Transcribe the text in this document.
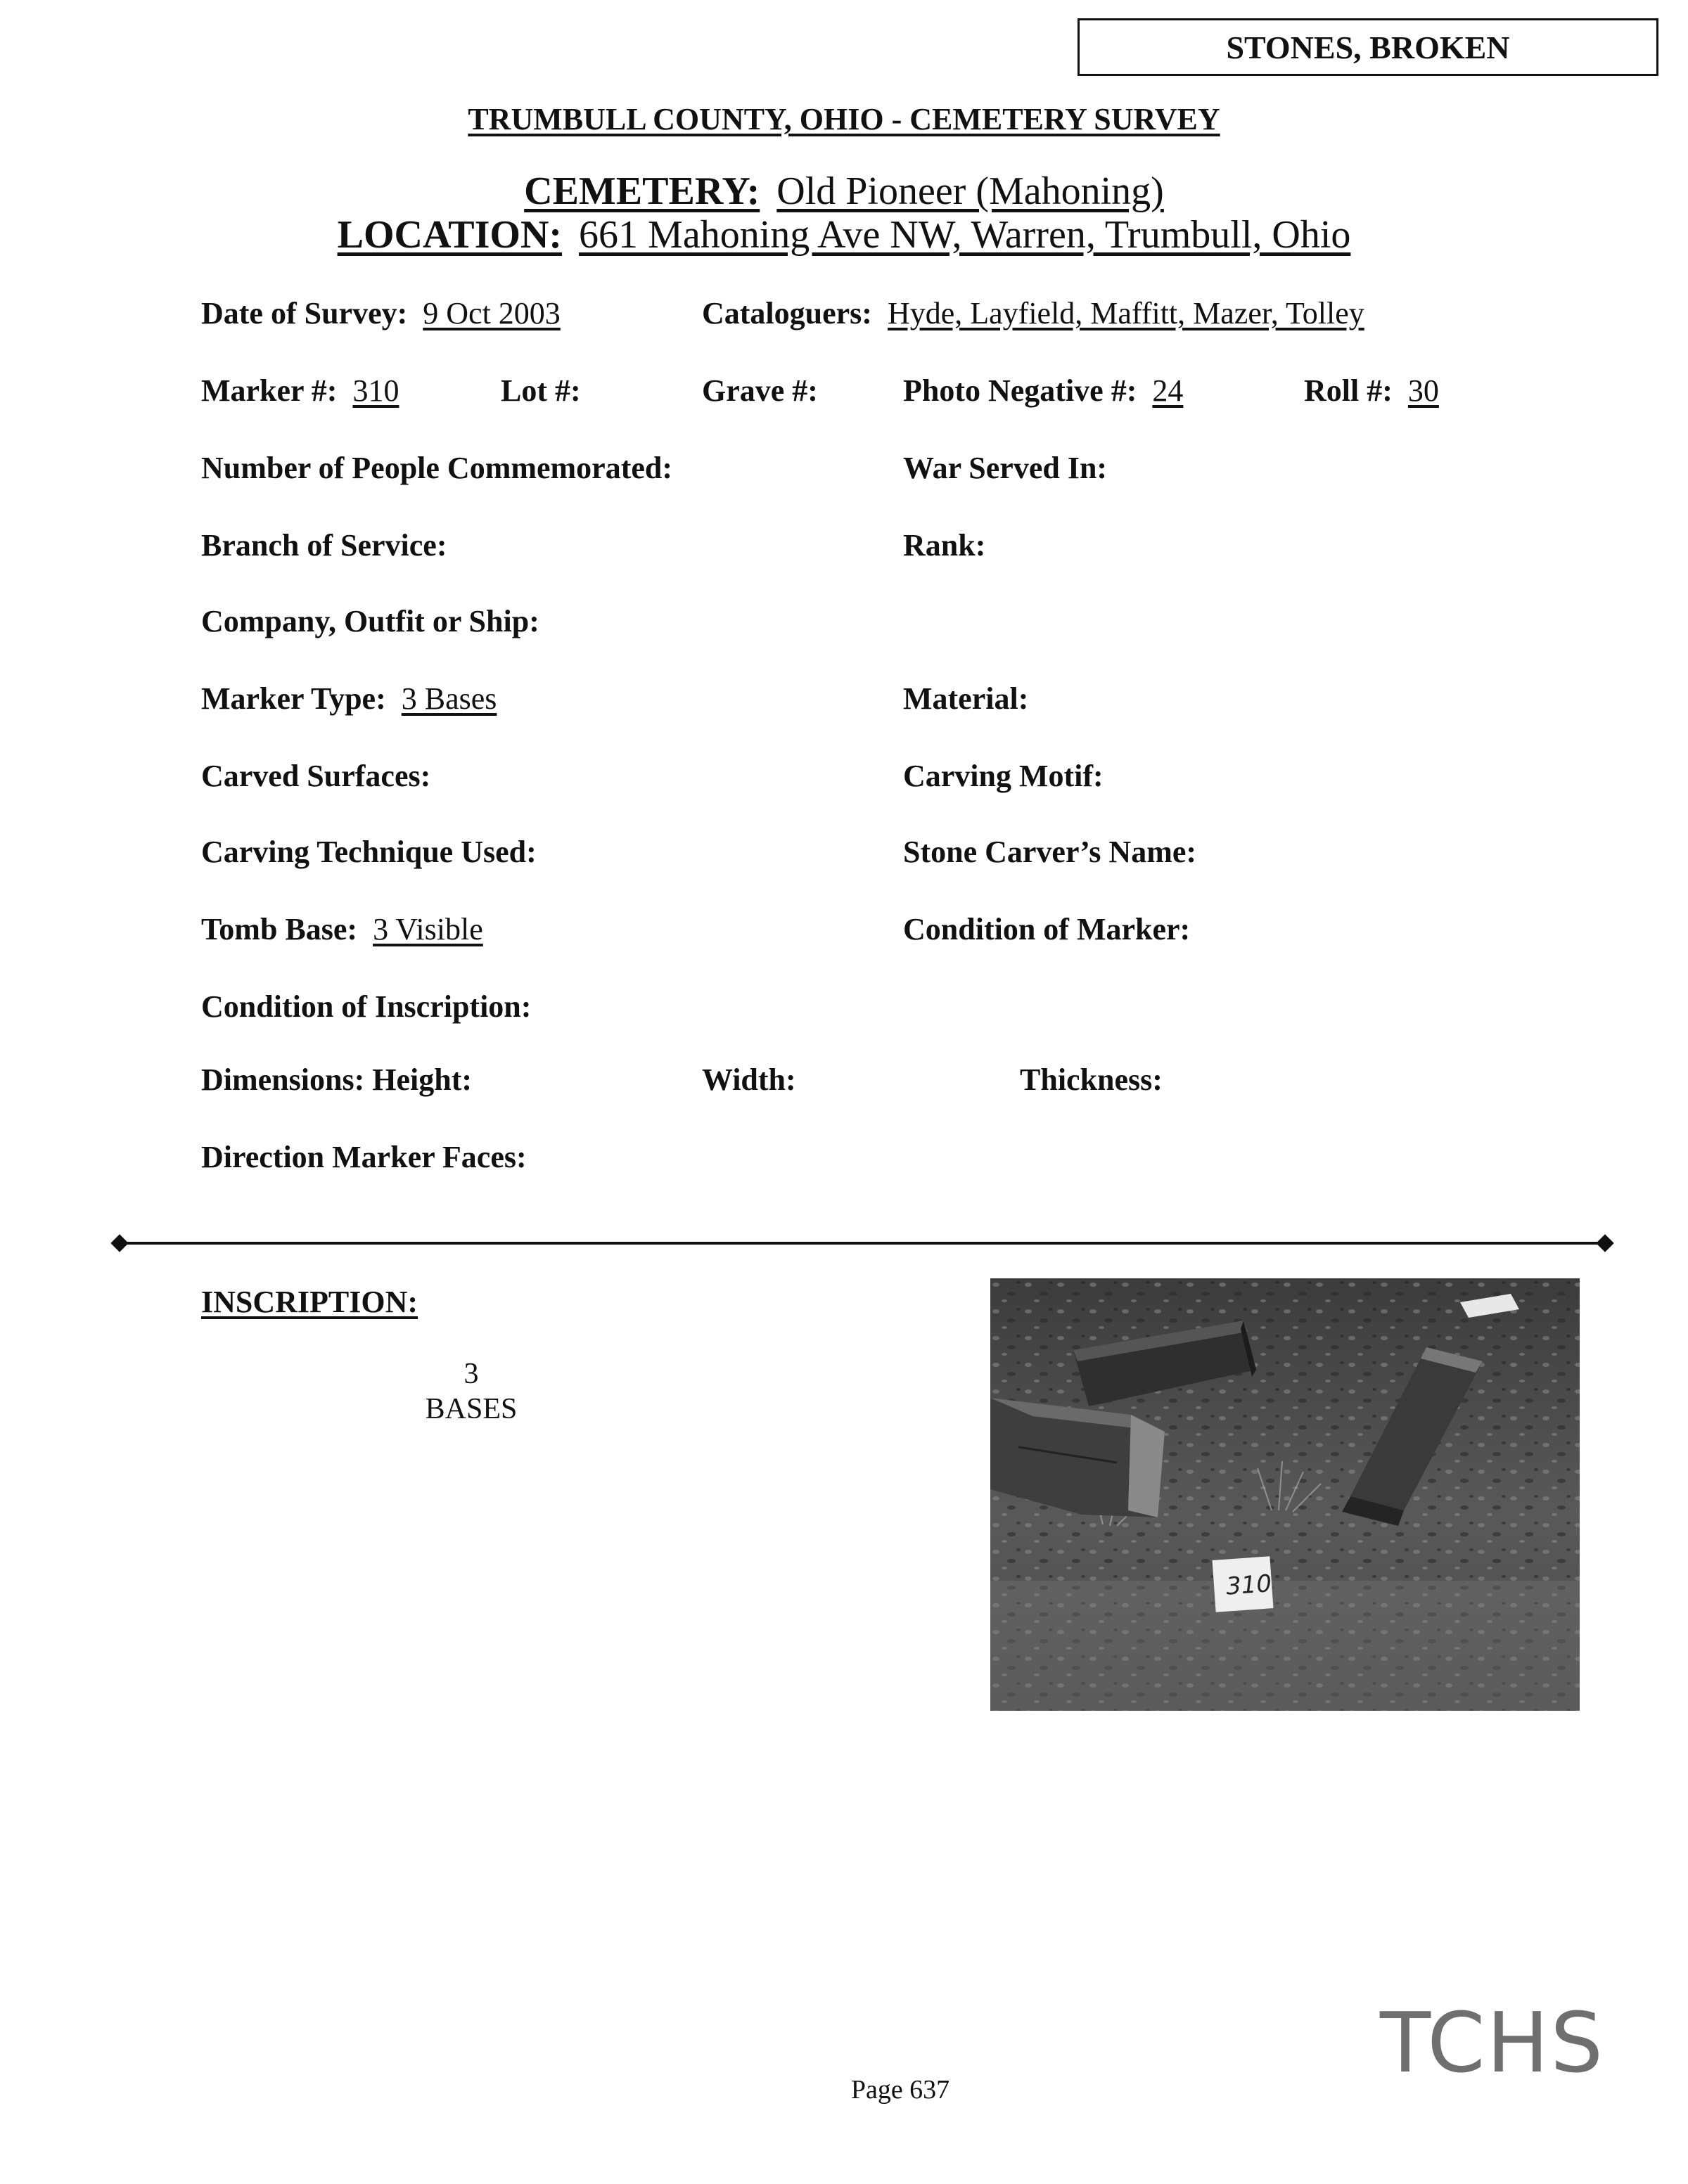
STONES, BROKEN
TRUMBULL COUNTY, OHIO - CEMETERY SURVEY
CEMETERY: Old Pioneer (Mahoning)
LOCATION: 661 Mahoning Ave NW, Warren, Trumbull, Ohio
Date of Survey: 9 Oct 2003	Cataloguers: Hyde, Layfield, Maffitt, Mazer, Tolley
Marker #: 310	Lot #:	Grave #:	Photo Negative #: 24	Roll #: 30
Number of People Commemorated:	War Served In:
Branch of Service:	Rank:
Company, Outfit or Ship:
Marker Type: 3 Bases	Material:
Carved Surfaces:	Carving Motif:
Carving Technique Used:	Stone Carver’s Name:
Tomb Base: 3 Visible	Condition of Marker:
Condition of Inscription:
Dimensions: Height:	Width:	Thickness:
Direction Marker Faces:
INSCRIPTION:
3
BASES
310
TCHS
Page 637
